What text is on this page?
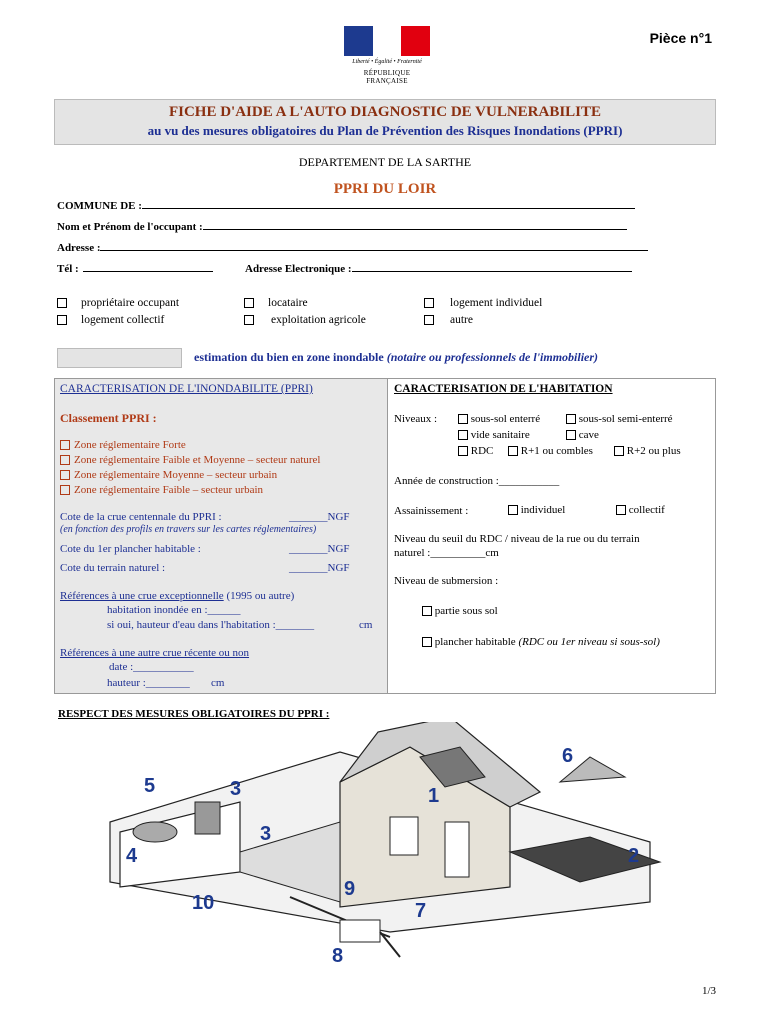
Liberté • Égalité • Fraternité
RÉPUBLIQUE FRANÇAISE
Pièce n°1
FICHE D'AIDE A L'AUTO DIAGNOSTIC DE VULNERABILITE
au vu des mesures obligatoires du Plan de Prévention des Risques Inondations (PPRI)
DEPARTEMENT DE LA SARTHE
PPRI DU LOIR
COMMUNE DE :
Nom et Prénom de l'occupant :
Adresse :
Tél :	Adresse Electronique :
propriétaire occupant	locataire	logement individuel
logement collectif	exploitation agricole	autre
estimation du bien en zone inondable (notaire ou professionnels de l'immobilier)
CARACTERISATION DE L'INONDABILITE (PPRI)
Classement PPRI :
Zone réglementaire Forte
Zone réglementaire Faible et Moyenne – secteur naturel
Zone réglementaire Moyenne – secteur urbain
Zone réglementaire Faible – secteur urbain
Cote de la crue centennale du PPRI :	_______NGF
(en fonction des profils en travers sur les cartes réglementaires)
Cote du 1er plancher habitable :	_______NGF
Cote du terrain naturel :	_______NGF
Références à une crue exceptionnelle (1995 ou autre)
habitation inondée en :______
si oui, hauteur d'eau dans l'habitation :_______	cm
Références à une autre crue récente ou non
date :___________
hauteur :________ cm
CARACTERISATION DE L'HABITATION
Niveaux :	sous-sol enterré	sous-sol semi-enterré
vide sanitaire	cave
RDC	R+1 ou combles	R+2 ou plus
Année de construction :___________
Assainissement :	individuel	collectif
Niveau du seuil du RDC / niveau de la rue ou du terrain
naturel :__________cm
Niveau de submersion :
partie sous sol
plancher habitable (RDC ou 1er niveau si sous-sol)
RESPECT DES MESURES OBLIGATOIRES DU PPRI :
1
2
3
3
4
5
6
7
8
9
10
1/3
